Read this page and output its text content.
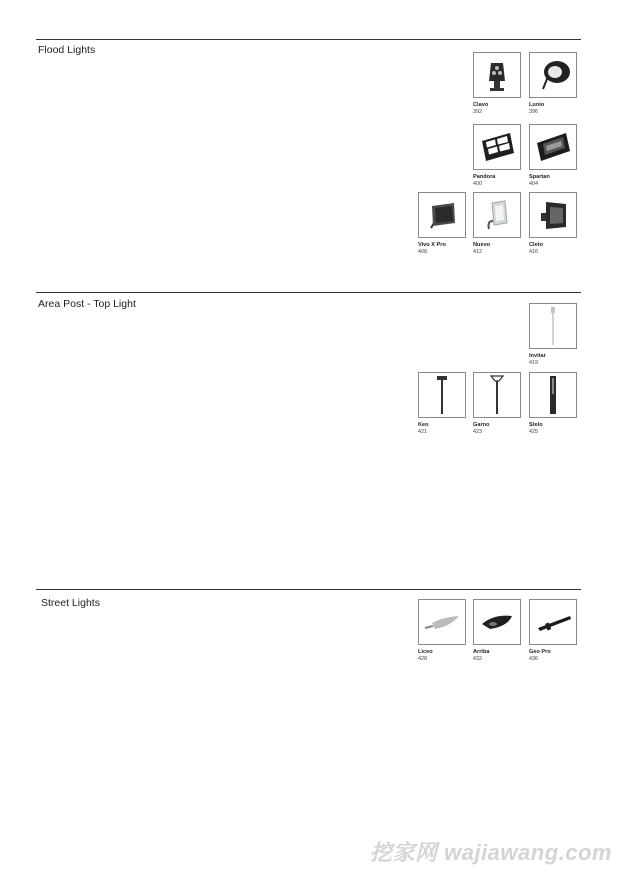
Flood Lights
Clavo
392
Lunio
396
Pandora
400
Spartan
404
Vivo X Pro
408
Nuevo
412
Cleto
416
Area Post - Top Light
Invitar
419
Keo
421
Garno
423
Stelo
425
Street Lights
Liceo
428
Arriba
432
Geo Pro
436
挖家网 wajiawang.com
